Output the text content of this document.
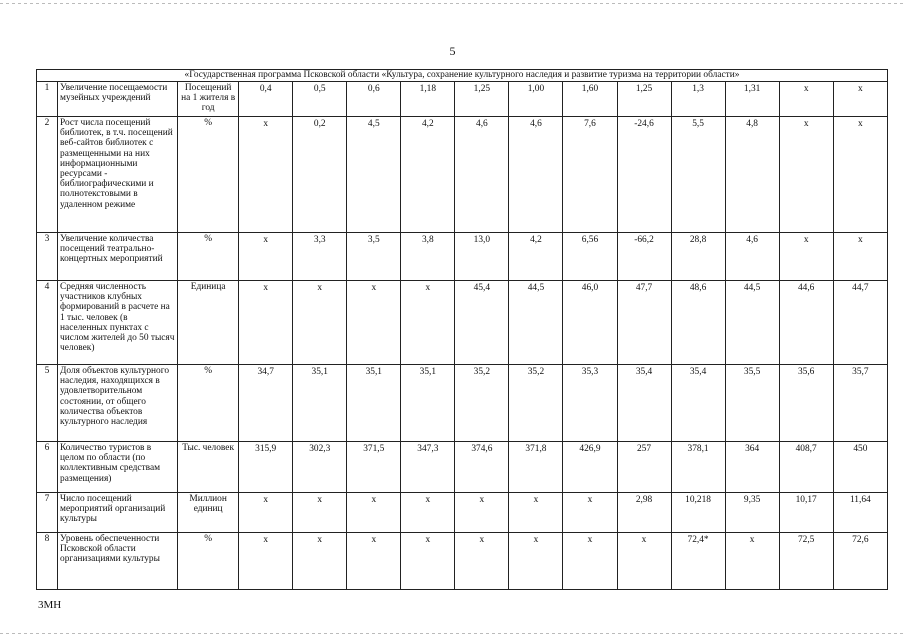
5
«Государственная программа Псковской области «Культура, сохранение культурного наследия и развитие туризма на территории области»														
1	Увеличение посещаемости музейных учреждений	Посещений на 1 жителя в год	0,4	0,5	0,6	1,18	1,25	1,00	1,60	1,25	1,3	1,31	х	х
2	Рост числа посещений библиотек, в т.ч. посещений веб-сайтов библиотек с размещенными на них информационными ресурсами - библиографическими и полнотекстовыми в удаленном режиме	%	х	0,2	4,5	4,2	4,6	4,6	7,6	-24,6	5,5	4,8	х	х
3	Увеличение количества посещений театрально-концертных мероприятий	%	х	3,3	3,5	3,8	13,0	4,2	6,56	-66,2	28,8	4,6	х	х
4	Средняя численность участников клубных формирований в расчете на 1 тыс. человек (в населенных пунктах с числом жителей до 50 тысяч человек)	Единица	х	х	х	х	45,4	44,5	46,0	47,7	48,6	44,5	44,6	44,7
5	Доля объектов культурного наследия, находящихся в удовлетворительном состоянии, от общего количества объектов культурного наследия	%	34,7	35,1	35,1	35,1	35,2	35,2	35,3	35,4	35,4	35,5	35,6	35,7
6	Количество туристов в целом по области (по коллективным средствам размещения)	Тыс. человек	315,9	302,3	371,5	347,3	374,6	371,8	426,9	257	378,1	364	408,7	450
7	Число посещений мероприятий организаций культуры	Миллион единиц	х	х	х	х	х	х	х	2,98	10,218	9,35	10,17	11,64
8	Уровень обеспеченности Псковской области организациями культуры	%	х	х	х	х	х	х	х	х	72,4*	х	72,5	72,6
3МН
